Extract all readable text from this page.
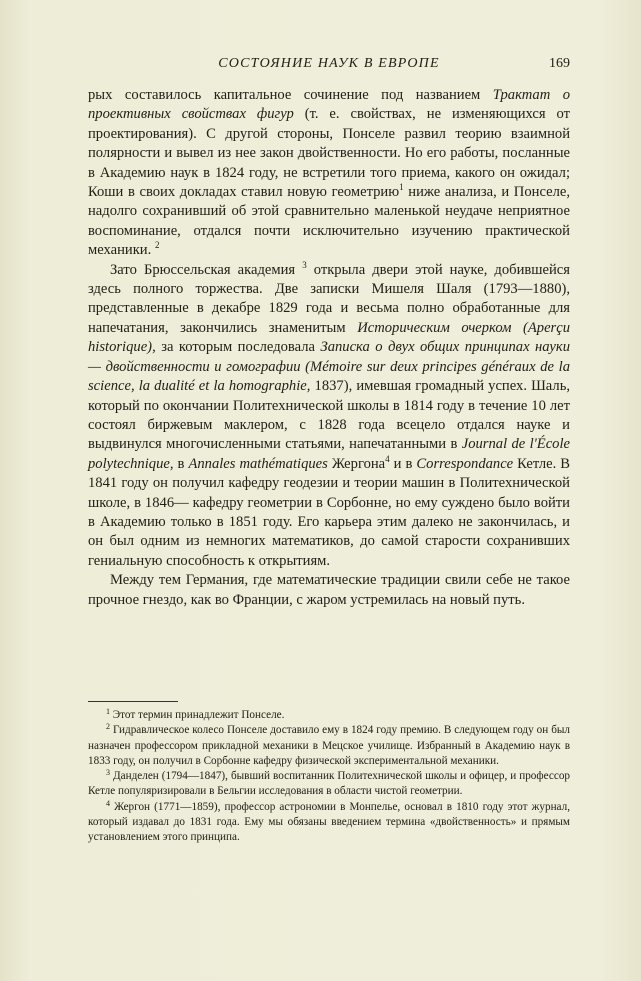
СОСТОЯНИЕ НАУК В ЕВРОПЕ	169

рых составилось капитальное сочинение под названием Трактат о проективных свойствах фигур (т. е. свойствах, не изменяющихся от проектирования). С другой стороны, Понселе развил теорию взаимной полярности и вывел из нее закон двойственности. Но его работы, посланные в Академию наук в 1824 году, не встретили того приема, какого он ожидал; Коши в своих докладах ставил новую геометрию$^1$ ниже анализа, и Понселе, надолго сохранивший об этой сравнительно маленькой неудаче неприятное воспоминание, отдался почти исключительно изучению практической механики. $^2$

Зато Брюссельская академия $^3$ открыла двери этой науке, добившейся здесь полного торжества. Две записки Мишеля Шаля (1793—1880), представленные в декабре 1829 года и весьма полно обработанные для напечатания, закончились знаменитым Историческим очерком (Aperçu historique), за которым последовала Записка о двух общих принципах науки — двойственности и гомографии (Mémoire sur deux principes généraux de la science, la dualité et la homographie, 1837), имевшая громадный успех. Шаль, который по окончании Политехнической школы в 1814 году в течение 10 лет состоял биржевым маклером, с 1828 года всецело отдался науке и выдвинулся многочисленными статьями, напечатанными в Journal de l'École polytechnique, в Annales mathématiques Жергона$^4$ и в Correspondance Кетле. В 1841 году он получил кафедру геодезии и теории машин в Политехнической школе, в 1846— кафедру геометрии в Сорбонне, но ему суждено было войти в Академию только в 1851 году. Его карьера этим далеко не закончилась, и он был одним из немногих математиков, до самой старости сохранивших гениальную способность к открытиям.

Между тем Германия, где математические традиции свили себе не такое прочное гнездо, как во Франции, с жаром устремилась на новый путь.

$^1$ Этот термин принадлежит Понселе.

$^2$ Гидравлическое колесо Понселе доставило ему в 1824 году премию. В следующем году он был назначен профессором прикладной механики в Мецское училище. Избранный в Академию наук в 1833 году, он получил в Сорбонне кафедру физической экспериментальной механики.

$^3$ Данделен (1794—1847), бывший воспитанник Политехнической школы и офицер, и профессор Кетле популяризировали в Бельгии исследования в области чистой геометрии.

$^4$ Жергон (1771—1859), профессор астрономии в Монпелье, основал в 1810 году этот журнал, который издавал до 1831 года. Ему мы обязаны введением термина «двойственность» и прямым установлением этого принципа.
